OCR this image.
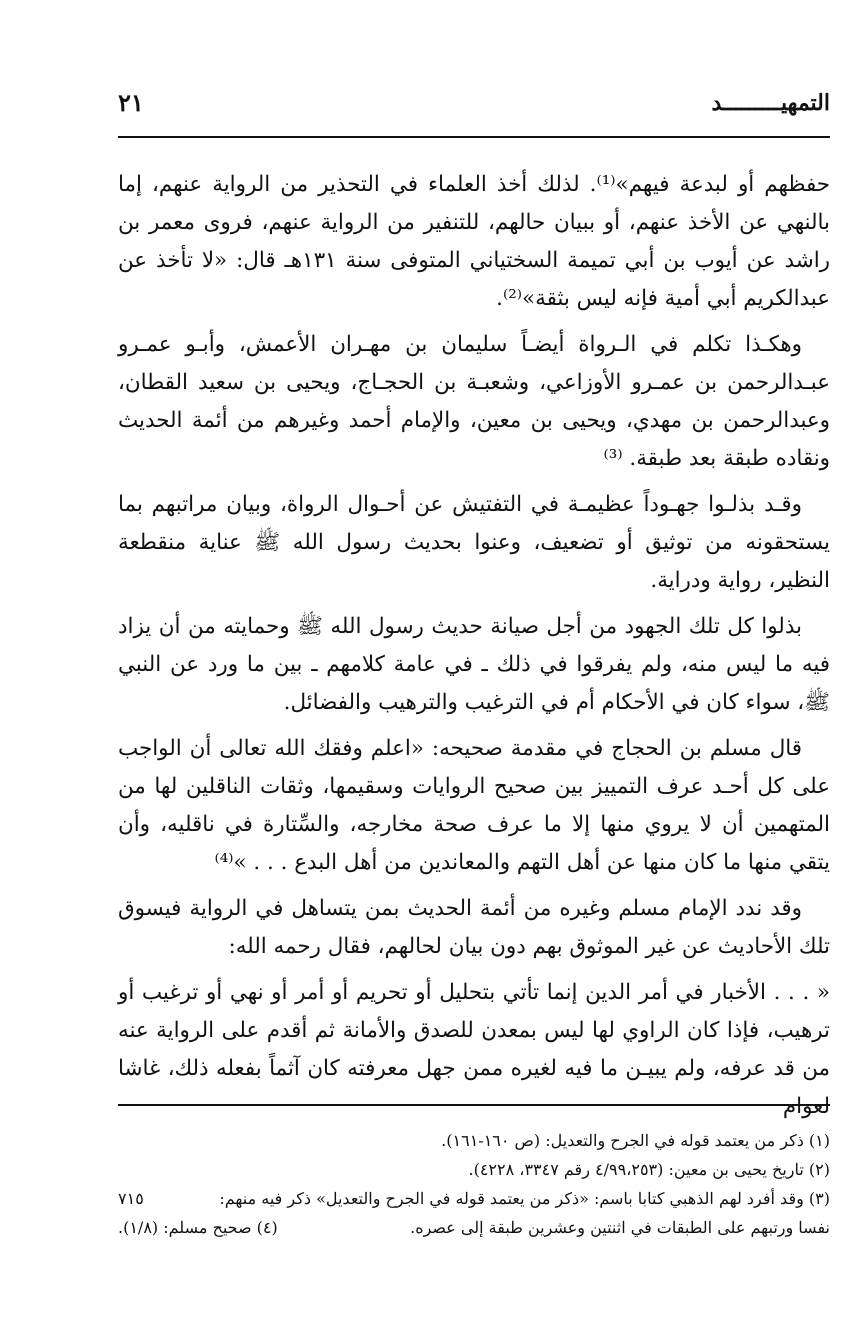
التمهيـــــــــد
٢١

حفظهم أو لبدعة فيهم»⁽¹⁾. لذلك أخذ العلماء في التحذير من الرواية عنهم، إما بالنهي عن الأخذ عنهم، أو ببيان حالهم، للتنفير من الرواية عنهم، فروى معمر بن راشد عن أيوب بن أبي تميمة السختياني المتوفى سنة ١٣١هـ قال: «لا تأخذ عن عبدالكريم أبي أمية فإنه ليس بثقة»⁽²⁾.

وهكـذا تكلم في الـرواة أيضـاً سليمان بن مهـران الأعمش، وأبـو عمـرو عبـدالرحمن بن عمـرو الأوزاعي، وشعبـة بن الحجـاج، ويحيى بن سعيد القطان، وعبدالرحمن بن مهدي، ويحيى بن معين، والإمام أحمد وغيرهم من أئمة الحديث ونقاده طبقة بعد طبقة. ⁽³⁾

وقـد بذلـوا جهـوداً عظيمـة في التفتيش عن أحـوال الرواة، وبيان مراتبهم بما يستحقونه من توثيق أو تضعيف، وعنوا بحديث رسول الله ﷺ عناية منقطعة النظير، رواية ودراية.

بذلوا كل تلك الجهود من أجل صيانة حديث رسول الله ﷺ وحمايته من أن يزاد فيه ما ليس منه، ولم يفرقوا في ذلك ـ في عامة كلامهم ـ بين ما ورد عن النبي ﷺ، سواء كان في الأحكام أم في الترغيب والترهيب والفضائل.

قال مسلم بن الحجاج في مقدمة صحيحه: «اعلم وفقك الله تعالى أن الواجب على كل أحـد عرف التمييز بين صحيح الروايات وسقيمها، وثقات الناقلين لها من المتهمين أن لا يروي منها إلا ما عرف صحة مخارجه، والسِّتارة في ناقليه، وأن يتقي منها ما كان منها عن أهل التهم والمعاندين من أهل البدع . . . »⁽⁴⁾

وقد ندد الإمام مسلم وغيره من أئمة الحديث بمن يتساهل في الرواية فيسوق تلك الأحاديث عن غير الموثوق بهم دون بيان لحالهم، فقال رحمه الله:

« . . . الأخبار في أمر الدين إنما تأتي بتحليل أو تحريم أو أمر أو نهي أو ترغيب أو ترهيب، فإذا كان الراوي لها ليس بمعدن للصدق والأمانة ثم أقدم على الرواية عنه من قد عرفه، ولم يبيـن ما فيه لغيره ممن جهل معرفته كان آثماً بفعله ذلك، غاشا لعوام

(١) ذكر من يعتمد قوله في الجرح والتعديل: (ص ١٦٠-١٦١).
(٢) تاريخ يحيى بن معين: (٤/٩٩،٢٥٣ رقم ٣٣٤٧، ٤٢٢٨).
(٣) وقد أفرد لهم الذهبي كتابا باسم: «ذكر من يعتمد قوله في الجرح والتعديل» ذكر فيه منهم:
٧١٥
نفسا ورتبهم على الطبقات في اثنتين وعشرين طبقة إلى عصره.
(٤) صحيح مسلم: (١/٨).
